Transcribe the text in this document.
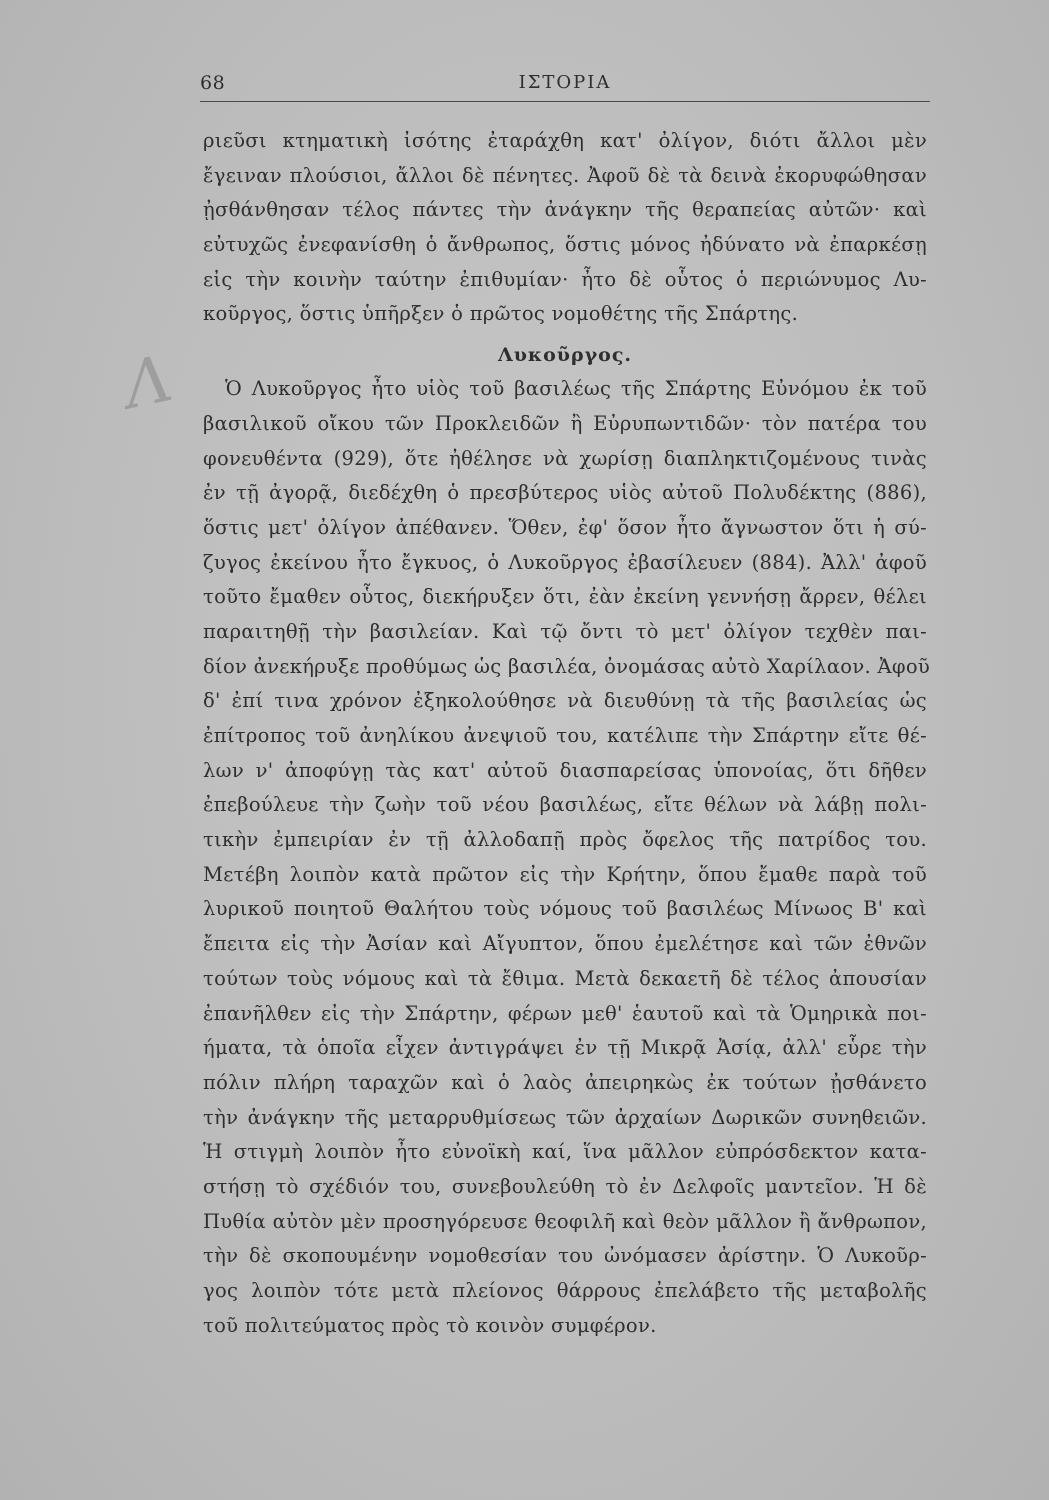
68	ΙΣΤΟΡΙΑ
Λ
ριεῦσι κτηματικὴ ἰσότης ἐταράχθη κατ' ὀλίγον, διότι ἄλλοι μὲν
ἔγειναν πλούσιοι, ἄλλοι δὲ πένητες. Ἀφοῦ δὲ τὰ δεινὰ ἐκορυφώθησαν
ᾐσθάνθησαν τέλος πάντες τὴν ἀνάγκην τῆς θεραπείας αὐτῶν· καὶ
εὐτυχῶς ἐνεφανίσθη ὁ ἄνθρωπος, ὅστις μόνος ἠδύνατο νὰ ἐπαρκέσῃ
εἰς τὴν κοινὴν ταύτην ἐπιθυμίαν· ἦτο δὲ οὗτος ὁ περιώνυμος Λυ-
κοῦργος, ὅστις ὑπῆρξεν ὁ πρῶτος νομοθέτης τῆς Σπάρτης.
Λυκοῦργος.
Ὁ Λυκοῦργος ἦτο υἱὸς τοῦ βασιλέως τῆς Σπάρτης Εὐνόμου ἐκ τοῦ
βασιλικοῦ οἴκου τῶν Προκλειδῶν ἢ Εὐρυπωντιδῶν· τὸν πατέρα του
φονευθέντα (929), ὅτε ἠθέλησε νὰ χωρίσῃ διαπληκτιζομένους τινὰς
ἐν τῇ ἀγορᾷ, διεδέχθη ὁ πρεσβύτερος υἱὸς αὐτοῦ Πολυδέκτης (886),
ὅστις μετ' ὀλίγον ἀπέθανεν. Ὅθεν, ἐφ' ὅσον ἦτο ἄγνωστον ὅτι ἡ σύ-
ζυγος ἐκείνου ἦτο ἔγκυος, ὁ Λυκοῦργος ἐβασίλευεν (884). Ἀλλ' ἀφοῦ
τοῦτο ἔμαθεν οὗτος, διεκήρυξεν ὅτι, ἐὰν ἐκείνη γεννήσῃ ἄρρεν, θέλει
παραιτηθῇ τὴν βασιλείαν. Καὶ τῷ ὄντι τὸ μετ' ὀλίγον τεχθὲν παι-
δίον ἀνεκήρυξε προθύμως ὡς βασιλέα, ὀνομάσας αὐτὸ Χαρίλαον. Ἀφοῦ
δ' ἐπί τινα χρόνον ἐξηκολούθησε νὰ διευθύνῃ τὰ τῆς βασιλείας ὡς
ἐπίτροπος τοῦ ἀνηλίκου ἀνεψιοῦ του, κατέλιπε τὴν Σπάρτην εἴτε θέ-
λων ν' ἀποφύγῃ τὰς κατ' αὐτοῦ διασπαρείσας ὑπονοίας, ὅτι δῆθεν
ἐπεβούλευε τὴν ζωὴν τοῦ νέου βασιλέως, εἴτε θέλων νὰ λάβῃ πολι-
τικὴν ἐμπειρίαν ἐν τῇ ἀλλοδαπῇ πρὸς ὄφελος τῆς πατρίδος του.
Μετέβη λοιπὸν κατὰ πρῶτον εἰς τὴν Κρήτην, ὅπου ἔμαθε παρὰ τοῦ
λυρικοῦ ποιητοῦ Θαλήτου τοὺς νόμους τοῦ βασιλέως Μίνωος Β' καὶ
ἔπειτα εἰς τὴν Ἀσίαν καὶ Αἴγυπτον, ὅπου ἐμελέτησε καὶ τῶν ἐθνῶν
τούτων τοὺς νόμους καὶ τὰ ἔθιμα. Μετὰ δεκαετῆ δὲ τέλος ἀπουσίαν
ἐπανῆλθεν εἰς τὴν Σπάρτην, φέρων μεθ' ἑαυτοῦ καὶ τὰ Ὁμηρικὰ ποι-
ήματα, τὰ ὁποῖα εἶχεν ἀντιγράψει ἐν τῇ Μικρᾷ Ἀσίᾳ, ἀλλ' εὗρε τὴν
πόλιν πλήρη ταραχῶν καὶ ὁ λαὸς ἀπειρηκὼς ἐκ τούτων ᾐσθάνετο
τὴν ἀνάγκην τῆς μεταρρυθμίσεως τῶν ἀρχαίων Δωρικῶν συνηθειῶν.
Ἡ στιγμὴ λοιπὸν ἦτο εὐνοϊκὴ καί, ἵνα μᾶλλον εὐπρόσδεκτον κατα-
στήσῃ τὸ σχέδιόν του, συνεβουλεύθη τὸ ἐν Δελφοῖς μαντεῖον. Ἡ δὲ
Πυθία αὐτὸν μὲν προσηγόρευσε θεοφιλῆ καὶ θεὸν μᾶλλον ἢ ἄνθρωπον,
τὴν δὲ σκοπουμένην νομοθεσίαν του ὠνόμασεν ἀρίστην. Ὁ Λυκοῦρ-
γος λοιπὸν τότε μετὰ πλείονος θάρρους ἐπελάβετο τῆς μεταβολῆς
τοῦ πολιτεύματος πρὸς τὸ κοινὸν συμφέρον.
